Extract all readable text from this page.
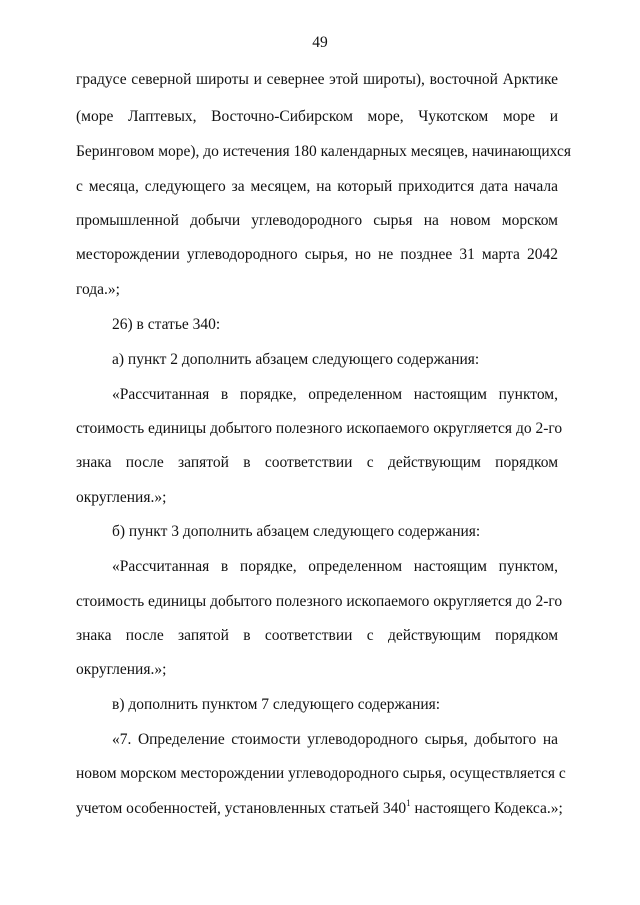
49
градусе северной широты и севернее этой широты), восточной Арктике
(море Лаптевых, Восточно-Сибирском море, Чукотском море и
Беринговом море), до истечения 180 календарных месяцев, начинающихся
с месяца, следующего за месяцем, на который приходится дата начала
промышленной добычи углеводородного сырья на новом морском
месторождении углеводородного сырья, но не позднее 31 марта 2042
года.»;
26) в статье 340:
а) пункт 2 дополнить абзацем следующего содержания:
«Рассчитанная в порядке, определенном настоящим пунктом,
стоимость единицы добытого полезного ископаемого округляется до 2-го
знака после запятой в соответствии с действующим порядком
округления.»;
б) пункт 3 дополнить абзацем следующего содержания:
«Рассчитанная в порядке, определенном настоящим пунктом,
стоимость единицы добытого полезного ископаемого округляется до 2-го
знака после запятой в соответствии с действующим порядком
округления.»;
в) дополнить пунктом 7 следующего содержания:
«7. Определение стоимости углеводородного сырья, добытого на
новом морском месторождении углеводородного сырья, осуществляется с
учетом особенностей, установленных статьей $340^1$ настоящего Кодекса.»;
